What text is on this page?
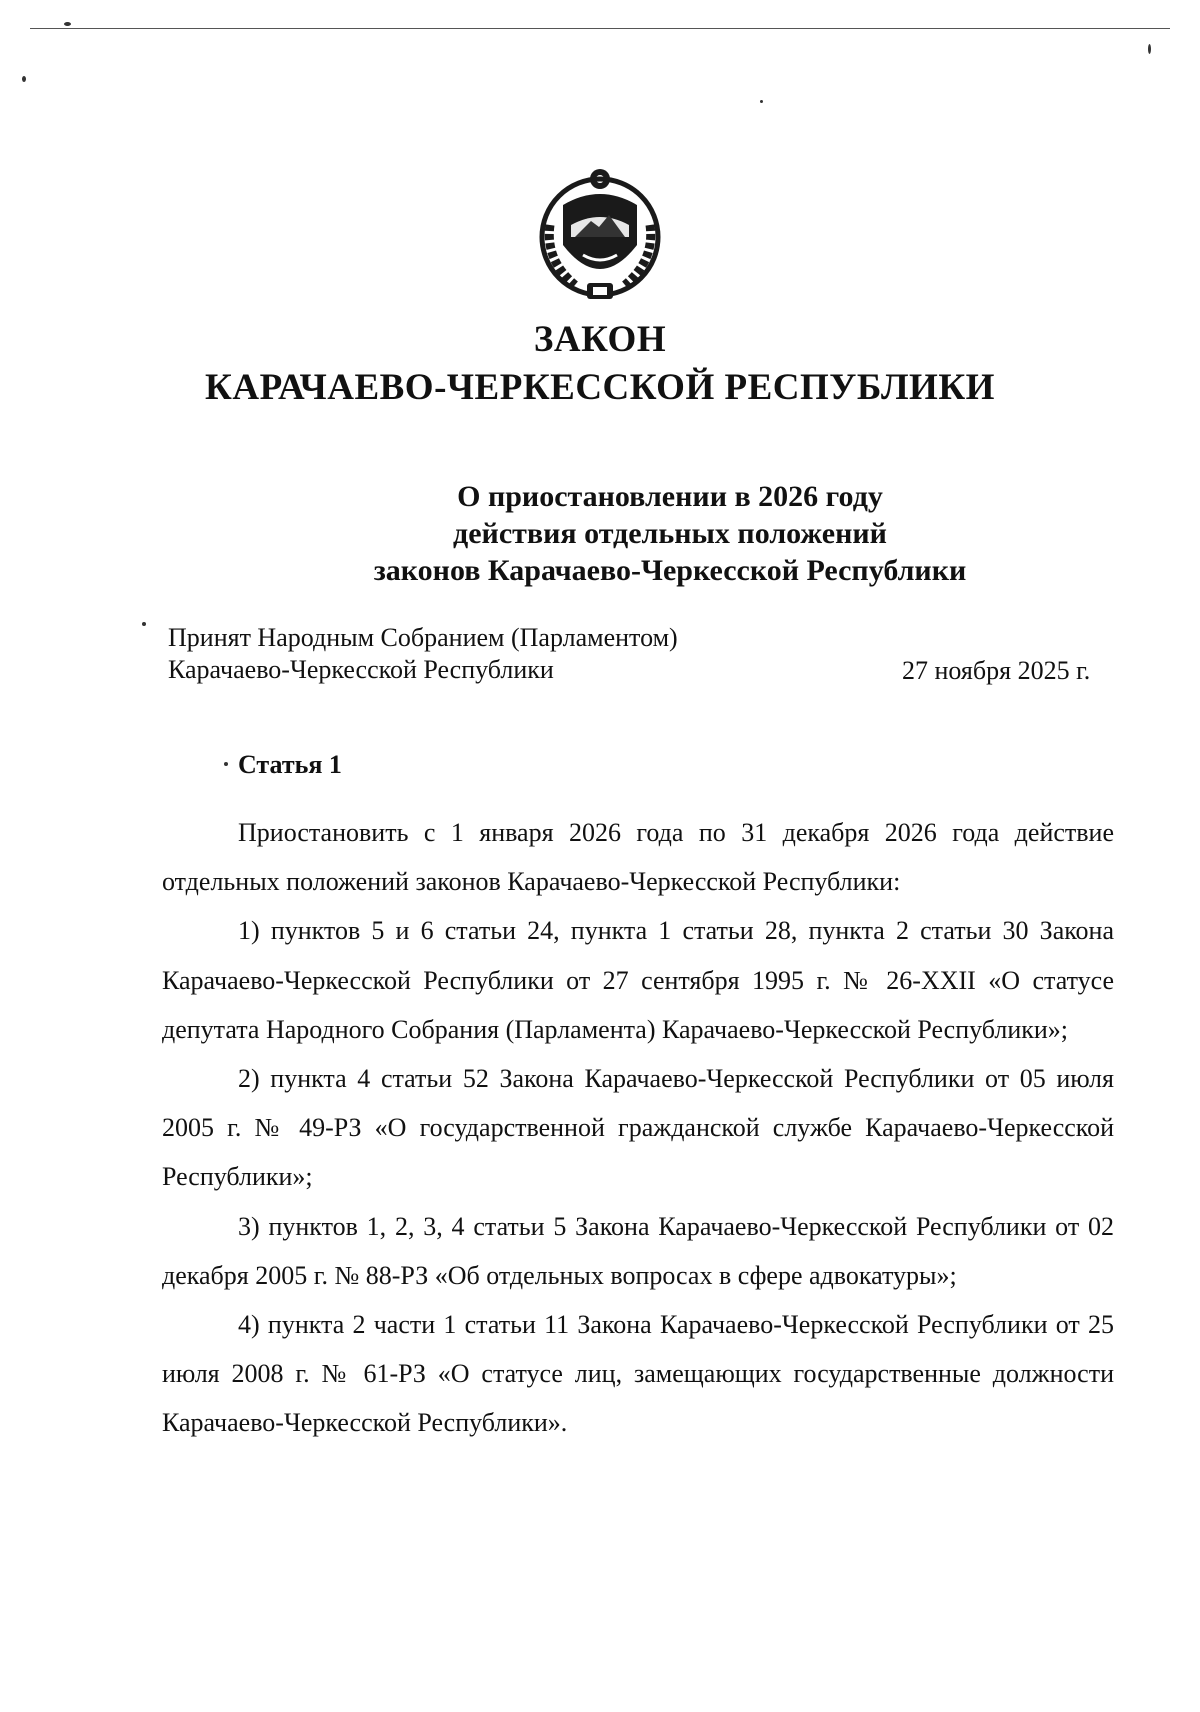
ЗАКОН
КАРАЧАЕВО-ЧЕРКЕССКОЙ РЕСПУБЛИКИ
О приостановлении в 2026 году
действия отдельных положений
законов Карачаево-Черкесской Республики
Принят Народным Собранием (Парламентом)
Карачаево-Черкесской Республики	27 ноября 2025 г.
Статья 1

Приостановить с 1 января 2026 года по 31 декабря 2026 года действие отдельных положений законов Карачаево-Черкесской Республики:

1) пунктов 5 и 6 статьи 24, пункта 1 статьи 28, пункта 2 статьи 30 Закона Карачаево-Черкесской Республики от 27 сентября 1995 г. № 26-XXII «О статусе депутата Народного Собрания (Парламента) Карачаево-Черкесской Республики»;

2) пункта 4 статьи 52 Закона Карачаево-Черкесской Республики от 05 июля 2005 г. № 49-РЗ «О государственной гражданской службе Карачаево-Черкесской Республики»;

3) пунктов 1, 2, 3, 4 статьи 5 Закона Карачаево-Черкесской Республики от 02 декабря 2005 г. № 88-РЗ «Об отдельных вопросах в сфере адвокатуры»;

4) пункта 2 части 1 статьи 11 Закона Карачаево-Черкесской Республики от 25 июля 2008 г. № 61-РЗ «О статусе лиц, замещающих государственные должности Карачаево-Черкесской Республики».
